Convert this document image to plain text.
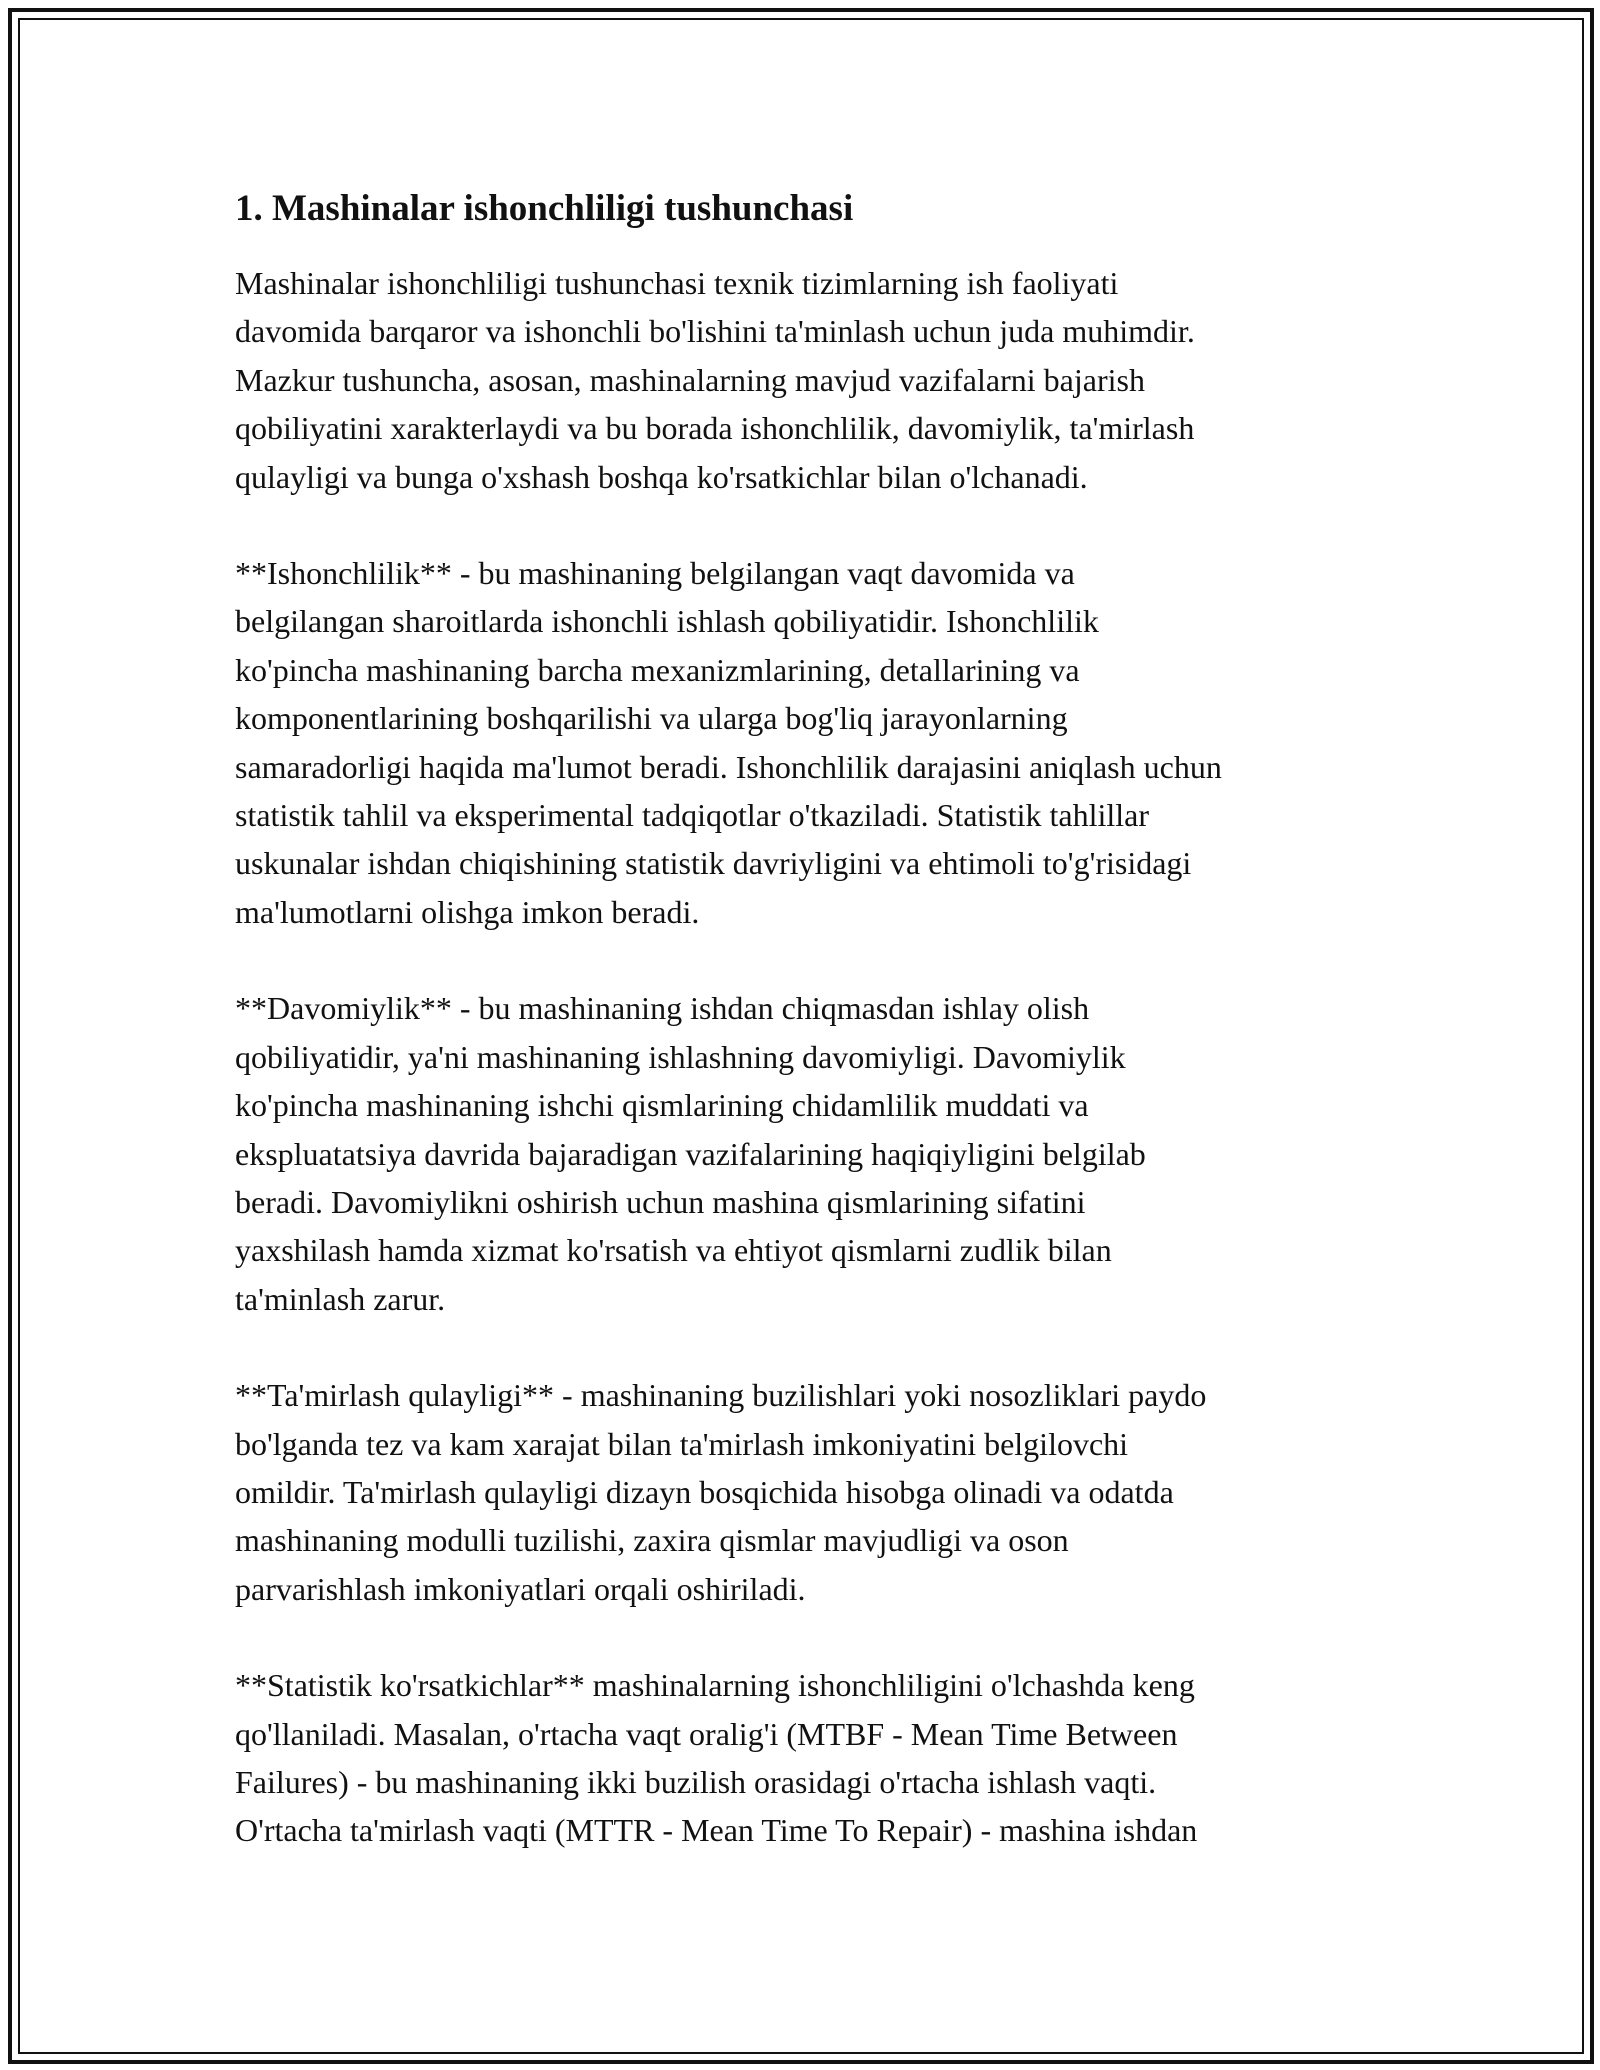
1. Mashinalar ishonchliligi tushunchasi

Mashinalar ishonchliligi tushunchasi texnik tizimlarning ish faoliyati
davomida barqaror va ishonchli bo'lishini ta'minlash uchun juda muhimdir.
Mazkur tushuncha, asosan, mashinalarning mavjud vazifalarni bajarish
qobiliyatini xarakterlaydi va bu borada ishonchlilik, davomiylik, ta'mirlash
qulayligi va bunga o'xshash boshqa ko'rsatkichlar bilan o'lchanadi.

**Ishonchlilik** - bu mashinaning belgilangan vaqt davomida va
belgilangan sharoitlarda ishonchli ishlash qobiliyatidir. Ishonchlilik
ko'pincha mashinaning barcha mexanizmlarining, detallarining va
komponentlarining boshqarilishi va ularga bog'liq jarayonlarning
samaradorligi haqida ma'lumot beradi. Ishonchlilik darajasini aniqlash uchun
statistik tahlil va eksperimental tadqiqotlar o'tkaziladi. Statistik tahlillar
uskunalar ishdan chiqishining statistik davriyligini va ehtimoli to'g'risidagi
ma'lumotlarni olishga imkon beradi.

**Davomiylik** - bu mashinaning ishdan chiqmasdan ishlay olish
qobiliyatidir, ya'ni mashinaning ishlashning davomiyligi. Davomiylik
ko'pincha mashinaning ishchi qismlarining chidamlilik muddati va
ekspluatatsiya davrida bajaradigan vazifalarining haqiqiyligini belgilab
beradi. Davomiylikni oshirish uchun mashina qismlarining sifatini
yaxshilash hamda xizmat ko'rsatish va ehtiyot qismlarni zudlik bilan
ta'minlash zarur.

**Ta'mirlash qulayligi** - mashinaning buzilishlari yoki nosozliklari paydo
bo'lganda tez va kam xarajat bilan ta'mirlash imkoniyatini belgilovchi
omildir. Ta'mirlash qulayligi dizayn bosqichida hisobga olinadi va odatda
mashinaning modulli tuzilishi, zaxira qismlar mavjudligi va oson
parvarishlash imkoniyatlari orqali oshiriladi.

**Statistik ko'rsatkichlar** mashinalarning ishonchliligini o'lchashda keng
qo'llaniladi. Masalan, o'rtacha vaqt oralig'i (MTBF - Mean Time Between
Failures) - bu mashinaning ikki buzilish orasidagi o'rtacha ishlash vaqti.
O'rtacha ta'mirlash vaqti (MTTR - Mean Time To Repair) - mashina ishdan
